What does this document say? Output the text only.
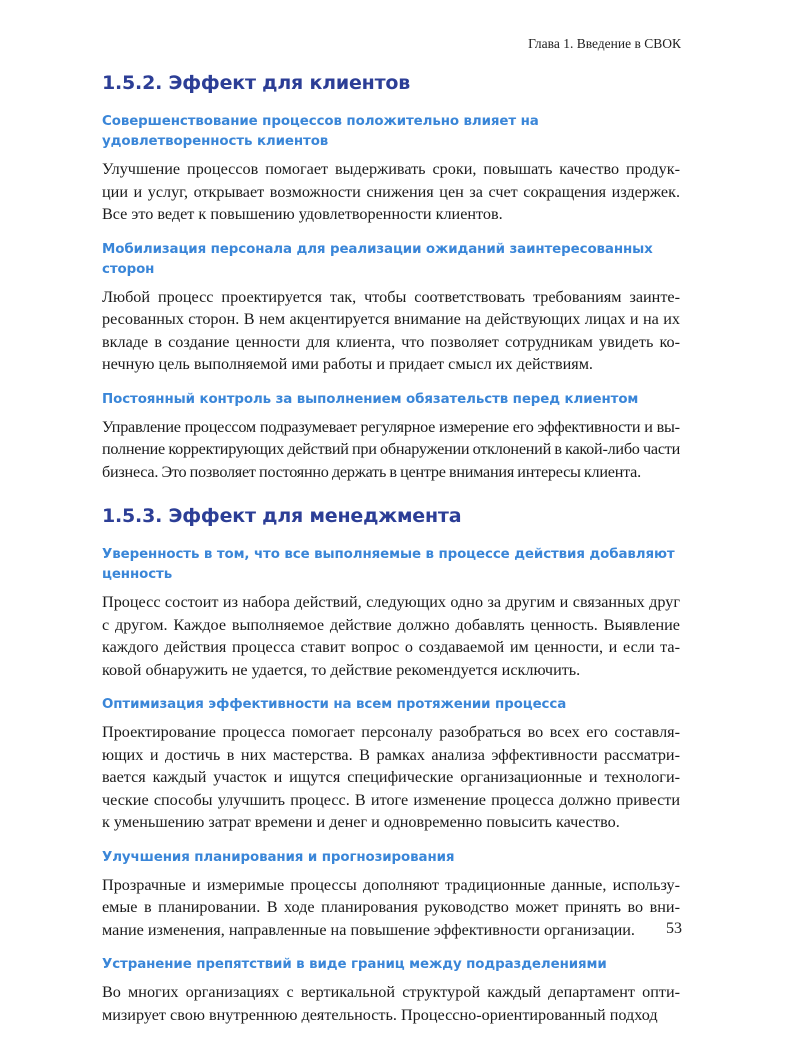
Глава 1. Введение в СВОК
1.5.2. Эффект для клиентов
Совершенствование процессов положительно влияет на удовлетворенность клиентов
Улучшение процессов помогает выдерживать сроки, повышать качество продукции и услуг, открывает возможности снижения цен за счет сокращения издержек. Все это ведет к повышению удовлетворенности клиентов.
Мобилизация персонала для реализации ожиданий заинтересованных сторон
Любой процесс проектируется так, чтобы соответствовать требованиям заинтересованных сторон. В нем акцентируется внимание на действующих лицах и на их вкладе в создание ценности для клиента, что позволяет сотрудникам увидеть конечную цель выполняемой ими работы и придает смысл их действиям.
Постоянный контроль за выполнением обязательств перед клиентом
Управление процессом подразумевает регулярное измерение его эффективности и выполнение корректирующих действий при обнаружении отклонений в какой-либо части бизнеса. Это позволяет постоянно держать в центре внимания интересы клиента.
1.5.3. Эффект для менеджмента
Уверенность в том, что все выполняемые в процессе действия добавляют ценность
Процесс состоит из набора действий, следующих одно за другим и связанных друг с другом. Каждое выполняемое действие должно добавлять ценность. Выявление каждого действия процесса ставит вопрос о создаваемой им ценности, и если таковой обнаружить не удается, то действие рекомендуется исключить.
Оптимизация эффективности на всем протяжении процесса
Проектирование процесса помогает персоналу разобраться во всех его составляющих и достичь в них мастерства. В рамках анализа эффективности рассматривается каждый участок и ищутся специфические организационные и технологические способы улучшить процесс. В итоге изменение процесса должно привести к уменьшению затрат времени и денег и одновременно повысить качество.
Улучшения планирования и прогнозирования
Прозрачные и измеримые процессы дополняют традиционные данные, используемые в планировании. В ходе планирования руководство может принять во внимание изменения, направленные на повышение эффективности организации.
Устранение препятствий в виде границ между подразделениями
Во многих организациях с вертикальной структурой каждый департамент оптимизирует свою внутреннюю деятельность. Процессно-ориентированный подход
53
